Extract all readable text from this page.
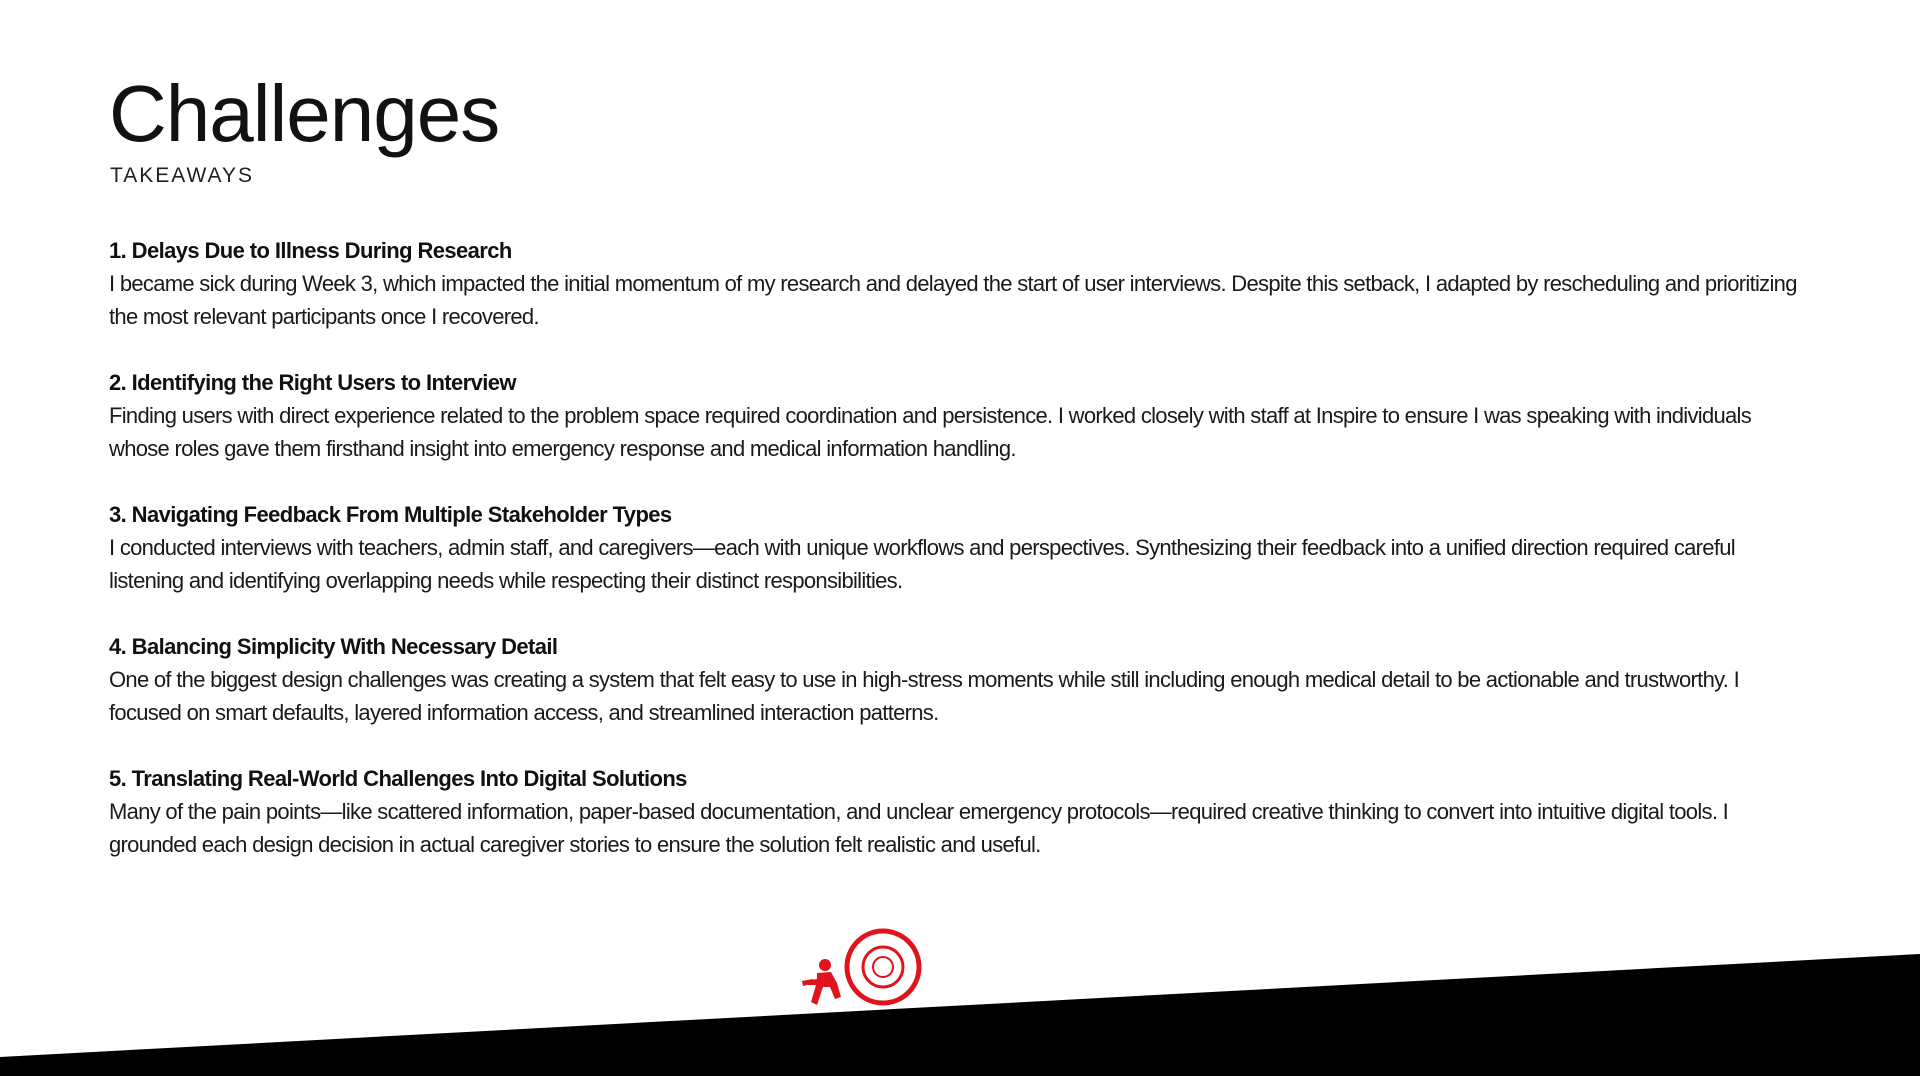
Challenges
TAKEAWAYS

1. Delays Due to Illness During Research

I became sick during Week 3, which impacted the initial momentum of my research and delayed the start of user interviews. Despite this setback, I adapted by rescheduling and prioritizing the most relevant participants once I recovered.

2. Identifying the Right Users to Interview

Finding users with direct experience related to the problem space required coordination and persistence. I worked closely with staff at Inspire to ensure I was speaking with individuals whose roles gave them firsthand insight into emergency response and medical information handling.

3. Navigating Feedback From Multiple Stakeholder Types

I conducted interviews with teachers, admin staff, and caregivers—each with unique workflows and perspectives. Synthesizing their feedback into a unified direction required careful listening and identifying overlapping needs while respecting their distinct responsibilities.

4. Balancing Simplicity With Necessary Detail

One of the biggest design challenges was creating a system that felt easy to use in high-stress moments while still including enough medical detail to be actionable and trustworthy. I focused on smart defaults, layered information access, and streamlined interaction patterns.

5. Translating Real-World Challenges Into Digital Solutions

Many of the pain points—like scattered information, paper-based documentation, and unclear emergency protocols—required creative thinking to convert into intuitive digital tools. I grounded each design decision in actual caregiver stories to ensure the solution felt realistic and useful.
